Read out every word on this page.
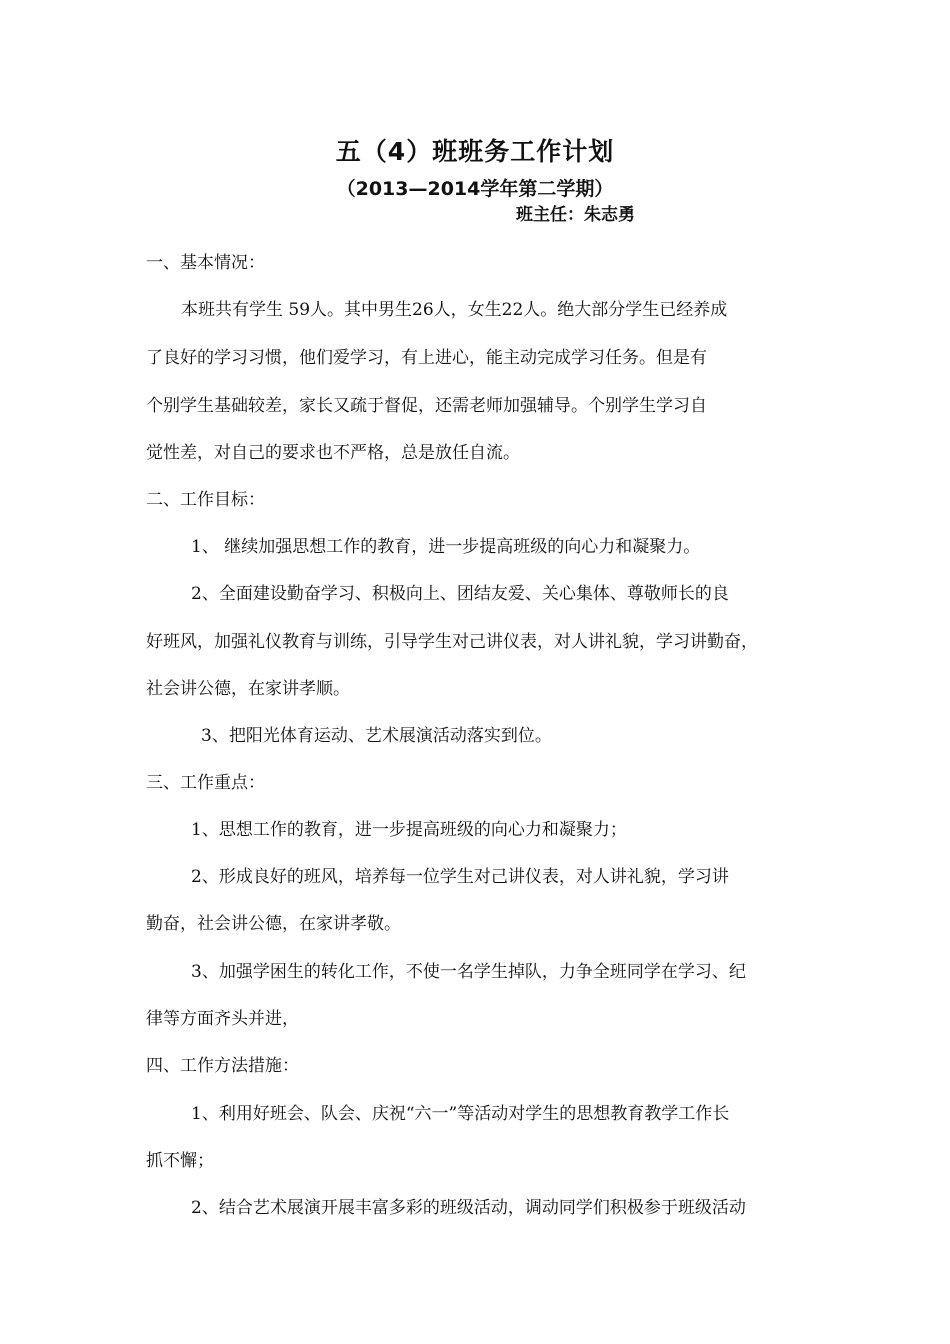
五（4）班班务工作计划
（2013—2014学年第二学期）
班主任：朱志勇
一、基本情况：
本班共有学生 59人。其中男生26人，女生22人。绝大部分学生已经养成
了良好的学习习惯，他们爱学习，有上进心，能主动完成学习任务。但是有
个别学生基础较差，家长又疏于督促，还需老师加强辅导。个别学生学习自
觉性差，对自己的要求也不严格，总是放任自流。
二、工作目标：
1、 继续加强思想工作的教育，进一步提高班级的向心力和凝聚力。
2、全面建设勤奋学习、积极向上、团结友爱、关心集体、尊敬师长的良
好班风，加强礼仪教育与训练，引导学生对己讲仪表，对人讲礼貌，学习讲勤奋，
社会讲公德，在家讲孝顺。
3、把阳光体育运动、艺术展演活动落实到位。
三、工作重点：
1、思想工作的教育，进一步提高班级的向心力和凝聚力；
2、形成良好的班风，培养每一位学生对己讲仪表，对人讲礼貌，学习讲
勤奋，社会讲公德，在家讲孝敬。
3、加强学困生的转化工作，不使一名学生掉队，力争全班同学在学习、纪
律等方面齐头并进，
四、工作方法措施：
1、利用好班会、队会、庆祝“六一”等活动对学生的思想教育教学工作长
抓不懈；
2、结合艺术展演开展丰富多彩的班级活动，调动同学们积极参于班级活动
